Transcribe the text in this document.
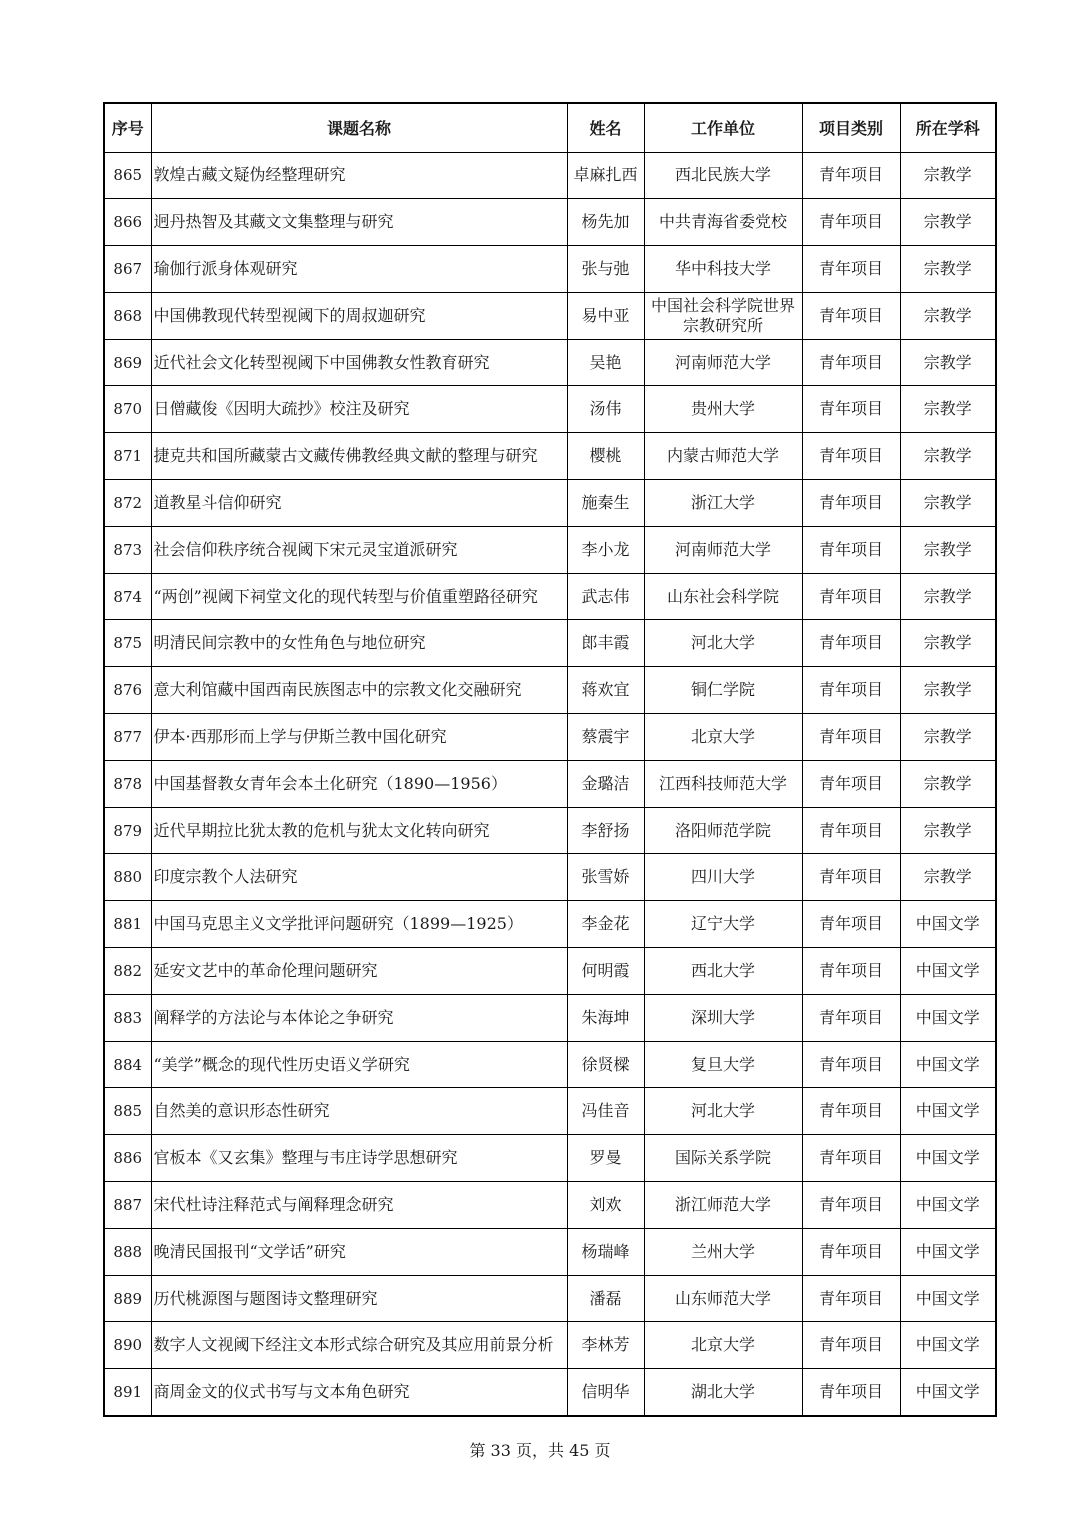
序号	课题名称	姓名	工作单位	项目类别	所在学科
865	敦煌古藏文疑伪经整理研究	卓麻扎西	西北民族大学	青年项目	宗教学
866	迥丹热智及其藏文文集整理与研究	杨先加	中共青海省委党校	青年项目	宗教学
867	瑜伽行派身体观研究	张与弛	华中科技大学	青年项目	宗教学
868	中国佛教现代转型视阈下的周叔迦研究	易中亚	中国社会科学院世界宗教研究所	青年项目	宗教学
869	近代社会文化转型视阈下中国佛教女性教育研究	吴艳	河南师范大学	青年项目	宗教学
870	日僧藏俊《因明大疏抄》校注及研究	汤伟	贵州大学	青年项目	宗教学
871	捷克共和国所藏蒙古文藏传佛教经典文献的整理与研究	樱桃	内蒙古师范大学	青年项目	宗教学
872	道教星斗信仰研究	施秦生	浙江大学	青年项目	宗教学
873	社会信仰秩序统合视阈下宋元灵宝道派研究	李小龙	河南师范大学	青年项目	宗教学
874	“两创”视阈下祠堂文化的现代转型与价值重塑路径研究	武志伟	山东社会科学院	青年项目	宗教学
875	明清民间宗教中的女性角色与地位研究	郎丰霞	河北大学	青年项目	宗教学
876	意大利馆藏中国西南民族图志中的宗教文化交融研究	蒋欢宜	铜仁学院	青年项目	宗教学
877	伊本·西那形而上学与伊斯兰教中国化研究	蔡震宇	北京大学	青年项目	宗教学
878	中国基督教女青年会本土化研究（1890—1956）	金璐洁	江西科技师范大学	青年项目	宗教学
879	近代早期拉比犹太教的危机与犹太文化转向研究	李舒扬	洛阳师范学院	青年项目	宗教学
880	印度宗教个人法研究	张雪娇	四川大学	青年项目	宗教学
881	中国马克思主义文学批评问题研究（1899—1925）	李金花	辽宁大学	青年项目	中国文学
882	延安文艺中的革命伦理问题研究	何明霞	西北大学	青年项目	中国文学
883	阐释学的方法论与本体论之争研究	朱海坤	深圳大学	青年项目	中国文学
884	“美学”概念的现代性历史语义学研究	徐贤樑	复旦大学	青年项目	中国文学
885	自然美的意识形态性研究	冯佳音	河北大学	青年项目	中国文学
886	官板本《又玄集》整理与韦庄诗学思想研究	罗曼	国际关系学院	青年项目	中国文学
887	宋代杜诗注释范式与阐释理念研究	刘欢	浙江师范大学	青年项目	中国文学
888	晚清民国报刊“文学话”研究	杨瑞峰	兰州大学	青年项目	中国文学
889	历代桃源图与题图诗文整理研究	潘磊	山东师范大学	青年项目	中国文学
890	数字人文视阈下经注文本形式综合研究及其应用前景分析	李林芳	北京大学	青年项目	中国文学
891	商周金文的仪式书写与文本角色研究	信明华	湖北大学	青年项目	中国文学
第 33 页，共 45 页
